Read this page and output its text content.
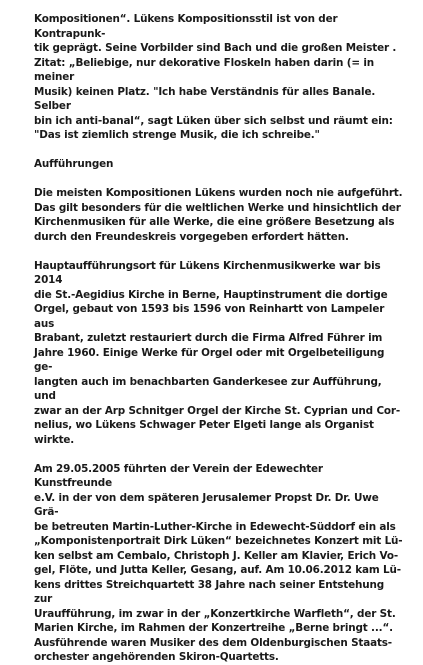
Kompositionen“. Lükens Kompositionsstil ist von der Kontrapunk-
tik geprägt. Seine Vorbilder sind Bach und die großen Meister .
Zitat: „Beliebige, nur dekorative Floskeln haben darin (= in meiner
Musik) keinen Platz. "Ich habe Verständnis für alles Banale. Selber
bin ich anti-banal“, sagt Lüken über sich selbst und räumt ein:
"Das ist ziemlich strenge Musik, die ich schreibe."

Aufführungen

Die meisten Kompositionen Lükens wurden noch nie aufgeführt.
Das gilt besonders für die weltlichen Werke und hinsichtlich der
Kirchenmusiken für alle Werke, die eine größere Besetzung als
durch den Freundeskreis vorgegeben erfordert hätten.

Hauptaufführungsort für Lükens Kirchenmusikwerke war bis 2014
die St.-Aegidius Kirche in Berne, Hauptinstrument die dortige
Orgel, gebaut von 1593 bis 1596 von Reinhartt von Lampeler aus
Brabant, zuletzt restauriert durch die Firma Alfred Führer im
Jahre 1960. Einige Werke für Orgel oder mit Orgelbeteiligung ge-
langten auch im benachbarten Ganderkesee zur Aufführung, und
zwar an der Arp Schnitger Orgel der Kirche St. Cyprian und Cor-
nelius, wo Lükens Schwager Peter Elgeti lange als Organist wirkte.

Am 29.05.2005 führten der Verein der Edewechter Kunstfreunde
e.V. in der von dem späteren Jerusalemer Propst Dr. Dr. Uwe Grä-
be betreuten Martin-Luther-Kirche in Edewecht-Süddorf ein als
„Komponistenportrait Dirk Lüken“ bezeichnetes Konzert mit Lü-
ken selbst am Cembalo, Christoph J. Keller am Klavier, Erich Vo-
gel, Flöte, und Jutta Keller, Gesang, auf. Am 10.06.2012 kam Lü-
kens drittes Streichquartett 38 Jahre nach seiner Entstehung zur
Uraufführung, im zwar in der „Konzertkirche Warfleth“, der St.
Marien Kirche, im Rahmen der Konzertreihe „Berne bringt ...“.
Ausführende waren Musiker des dem Oldenburgischen Staats-
orchester angehörenden Skiron-Quartetts.
